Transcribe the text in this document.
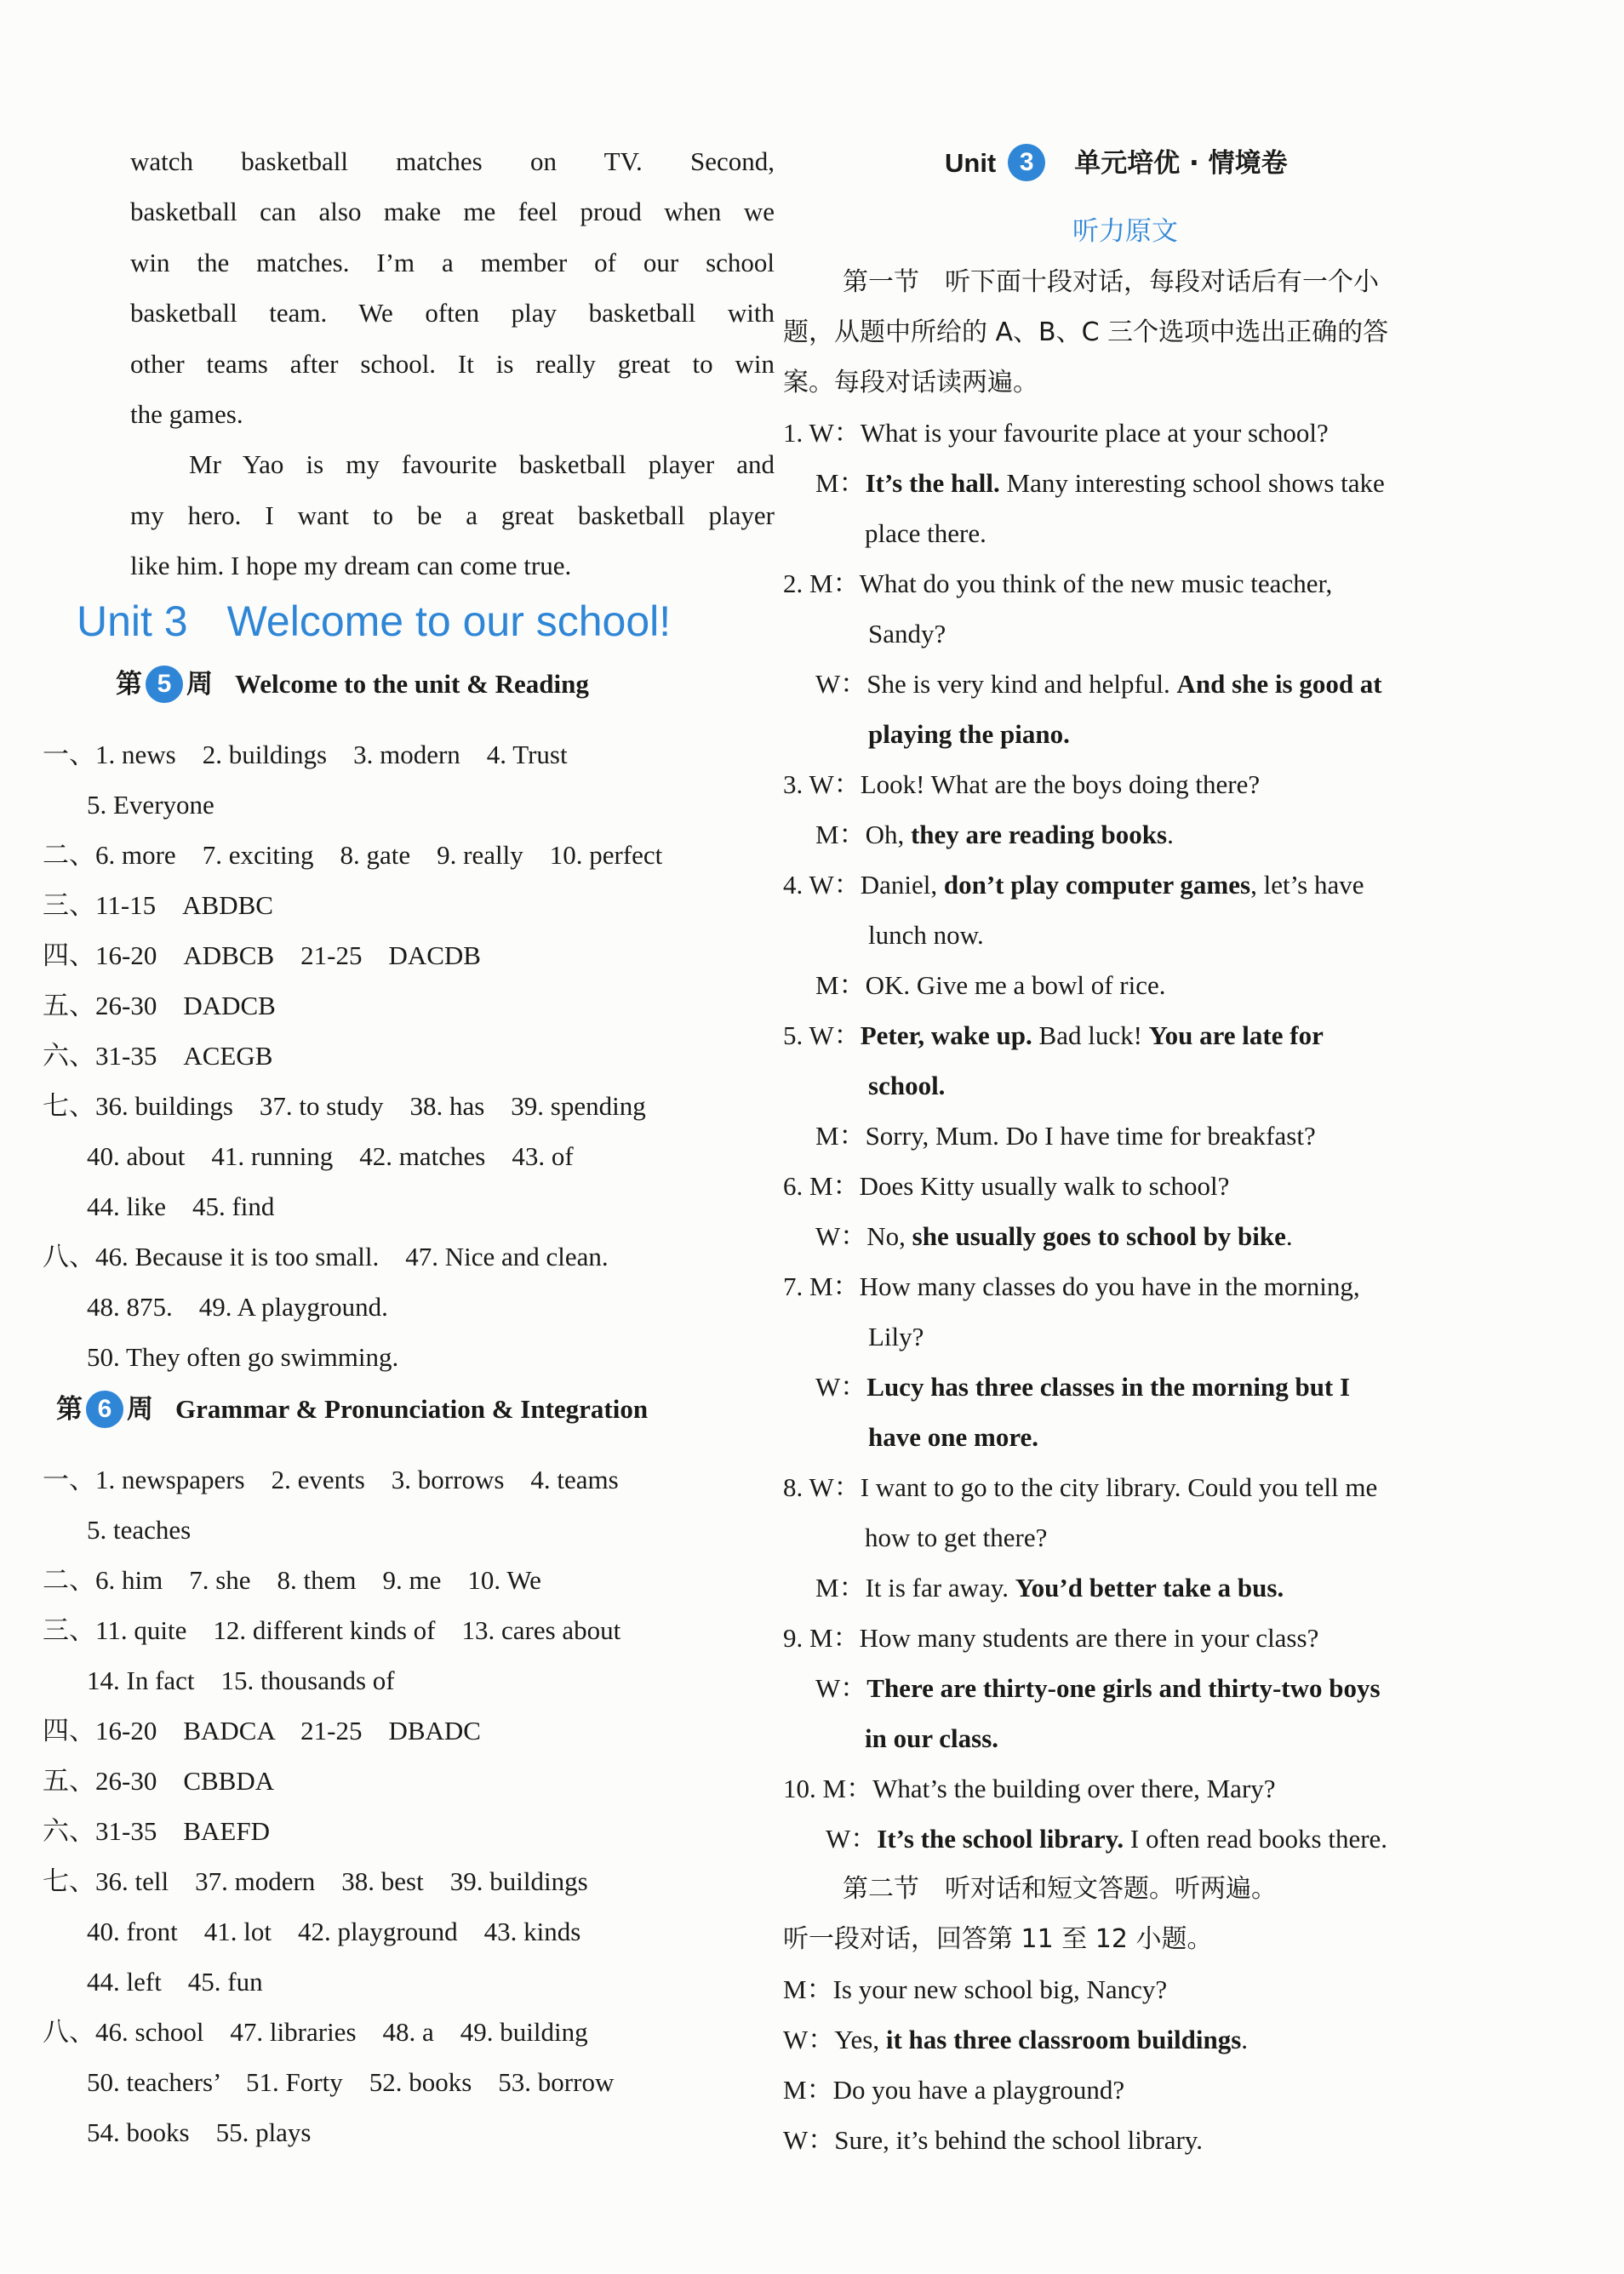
watch basketball matches on TV. Second,
basketball can also make me feel proud when we
win the matches. I’m a member of our school
basketball team. We often play basketball with
other teams after school. It is really great to win
the games.
Mr Yao is my favourite basketball player and
my hero. I want to be a great basketball player
like him. I hope my dream can come true.
Unit 3 Welcome to our school!
第 5 周 Welcome to the unit & Reading
一、1. news    2. buildings    3. modern    4. Trust
5. Everyone
二、6. more    7. exciting    8. gate    9. really    10. perfect
三、11-15    ABDBC
四、16-20    ADBCB    21-25    DACDB
五、26-30    DADCB
六、31-35    ACEGB
七、36. buildings    37. to study    38. has    39. spending
40. about    41. running    42. matches    43. of
44. like    45. find
八、46. Because it is too small.    47. Nice and clean.
48. 875.    49. A playground.
50. They often go swimming.
第 6 周 Grammar & Pronunciation & Integration
一、1. newspapers    2. events    3. borrows    4. teams
5. teaches
二、6. him    7. she    8. them    9. me    10. We
三、11. quite    12. different kinds of    13. cares about
14. In fact    15. thousands of
四、16-20    BADCA    21-25    DBADC
五、26-30    CBBDA
六、31-35    BAEFD
七、36. tell    37. modern    38. best    39. buildings
40. front    41. lot    42. playground    43. kinds
44. left    45. fun
八、46. school    47. libraries    48. a    49. building
50. teachers’    51. Forty    52. books    53. borrow
54. books    55. plays
Unit 3 单元培优 · 情境卷
听力原文
第一节　听下面十段对话，每段对话后有一个小
题，从题中所给的 A、B、C 三个选项中选出正确的答
案。每段对话读两遍。
1. W：What is your favourite place at your school?
M：It’s the hall. Many interesting school shows take
place there.
2. M：What do you think of the new music teacher,
Sandy?
W：She is very kind and helpful. And she is good at
playing the piano.
3. W：Look! What are the boys doing there?
M：Oh, they are reading books.
4. W：Daniel, don’t play computer games, let’s have
lunch now.
M：OK. Give me a bowl of rice.
5. W：Peter, wake up. Bad luck! You are late for
school.
M：Sorry, Mum. Do I have time for breakfast?
6. M：Does Kitty usually walk to school?
W：No, she usually goes to school by bike.
7. M：How many classes do you have in the morning,
Lily?
W：Lucy has three classes in the morning but I
have one more.
8. W：I want to go to the city library. Could you tell me
how to get there?
M：It is far away. You’d better take a bus.
9. M：How many students are there in your class?
W：There are thirty-one girls and thirty-two boys
in our class.
10. M：What’s the building over there, Mary?
W：It’s the school library. I often read books there.
第二节　听对话和短文答题。听两遍。
听一段对话，回答第 11 至 12 小题。
M：Is your new school big, Nancy?
W：Yes, it has three classroom buildings.
M：Do you have a playground?
W：Sure, it’s behind the school library.
